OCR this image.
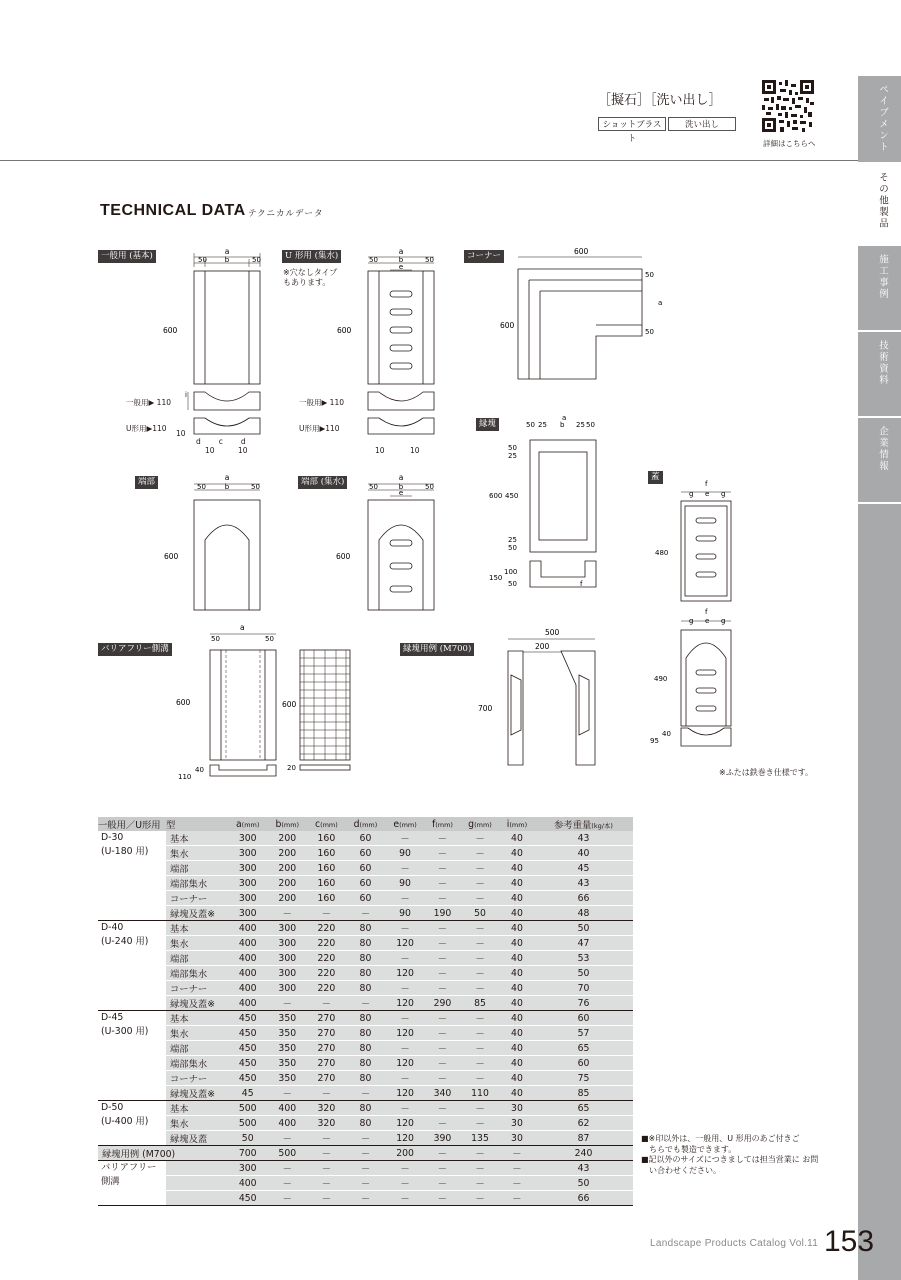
ペイブメント
その他製品
施工事例
技術資料
企業情報
［擬石］［洗い出し］
ショットブラスト
洗い出し
詳細はこちらへ
TECHNICAL DATA テクニカルデータ
一般用 (基本)	U 形用 (集水)
※穴なしタイプ
もあります。
コーナー
端部	端部 (集水)
縁塊
蓋
バリアフリー側溝	縁塊用例 (M700)
※ふたは鉄巻き仕様です。
a
50	b	50
600
i
一般用▶ 110
U形用▶110
10
dcd
10	10
a
50	b	50
e
600
一般用▶ 110
U形用▶110
10	10
600
50
a
50
600
a
50 25 b 25 50
50
25
600 450
25
50
100
150
50	f
f
g e g
480
f
g e g
490
40
95
a
50	b	50
600
a
50	b	50
e
600
a
50	50
600	600
40
110
20
500
200
700
一般用／U形用	型	a(mm)	b(mm)	c(mm)	d(mm)	e(mm)	f(mm)	g(mm)	i(mm)	参考重量(kg/本)
D-30
(U-180 用)	基本	300	200	160	60	－	－	－	40	43
	集水	300	200	160	60	90	－	－	40	40
	端部	300	200	160	60	－	－	－	40	45
	端部集水	300	200	160	60	90	－	－	40	43
	コーナー	300	200	160	60	－	－	－	40	66
	縁塊及蓋※	300	－	－	－	90	190	50	40	48
D-40
(U-240 用)	基本	400	300	220	80	－	－	－	40	50
	集水	400	300	220	80	120	－	－	40	47
	端部	400	300	220	80	－	－	－	40	53
	端部集水	400	300	220	80	120	－	－	40	50
	コーナー	400	300	220	80	－	－	－	40	70
	縁塊及蓋※	400	－	－	－	120	290	85	40	76
D-45
(U-300 用)	基本	450	350	270	80	－	－	－	40	60
	集水	450	350	270	80	120	－	－	40	57
	端部	450	350	270	80	－	－	－	40	65
	端部集水	450	350	270	80	120	－	－	40	60
	コーナー	450	350	270	80	－	－	－	40	75
	縁塊及蓋※	45	－	－	－	120	340	110	40	85
D-50
(U-400 用)	基本	500	400	320	80	－	－	－	30	65
	集水	500	400	320	80	120	－	－	30	62
	縁塊及蓋	50	－	－	－	120	390	135	30	87
縁塊用例 (M700)		700	500	－	－	200	－	－	－	240
バリアフリー
側溝		300	－	－	－	－	－	－	－	43
		400	－	－	－	－	－	－	－	50
		450	－	－	－	－	－	－	－	66
■※印以外は、一般用、U 形用のあご付きご
　ちらでも製造できます。
■記以外のサイズにつきましては担当営業に お問
　い合わせください。
Landscape Products Catalog Vol.11 153
